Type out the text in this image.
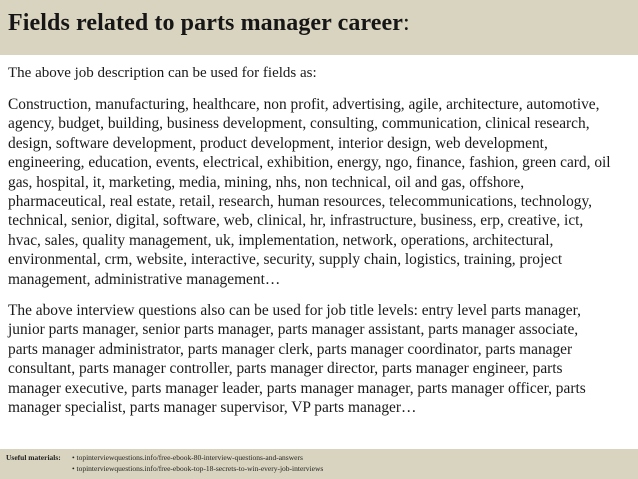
Fields related to parts manager career:
The above job description can be used for fields as:
Construction, manufacturing, healthcare, non profit, advertising, agile, architecture, automotive,
agency, budget, building, business development, consulting, communication, clinical research,
design, software development, product development, interior design, web development,
engineering, education, events, electrical, exhibition, energy, ngo, finance, fashion, green card, oil
gas, hospital, it, marketing, media, mining, nhs, non technical, oil and gas, offshore,
pharmaceutical, real estate, retail, research, human resources, telecommunications, technology,
technical, senior, digital, software, web, clinical, hr, infrastructure, business, erp, creative, ict,
hvac, sales, quality management, uk, implementation, network, operations, architectural,
environmental, crm, website, interactive, security, supply chain, logistics, training, project
management, administrative management…
The above interview questions also can be used for job title levels: entry level parts manager,
junior parts manager, senior parts manager, parts manager assistant, parts manager associate,
parts manager administrator, parts manager clerk, parts manager coordinator, parts manager
consultant, parts manager controller, parts manager director, parts manager engineer, parts
manager executive, parts manager leader, parts manager manager, parts manager officer, parts
manager specialist, parts manager supervisor, VP parts manager…
Useful materials: • topinterviewquestions.info/free-ebook-80-interview-questions-and-answers
• topinterviewquestions.info/free-ebook-top-18-secrets-to-win-every-job-interviews
